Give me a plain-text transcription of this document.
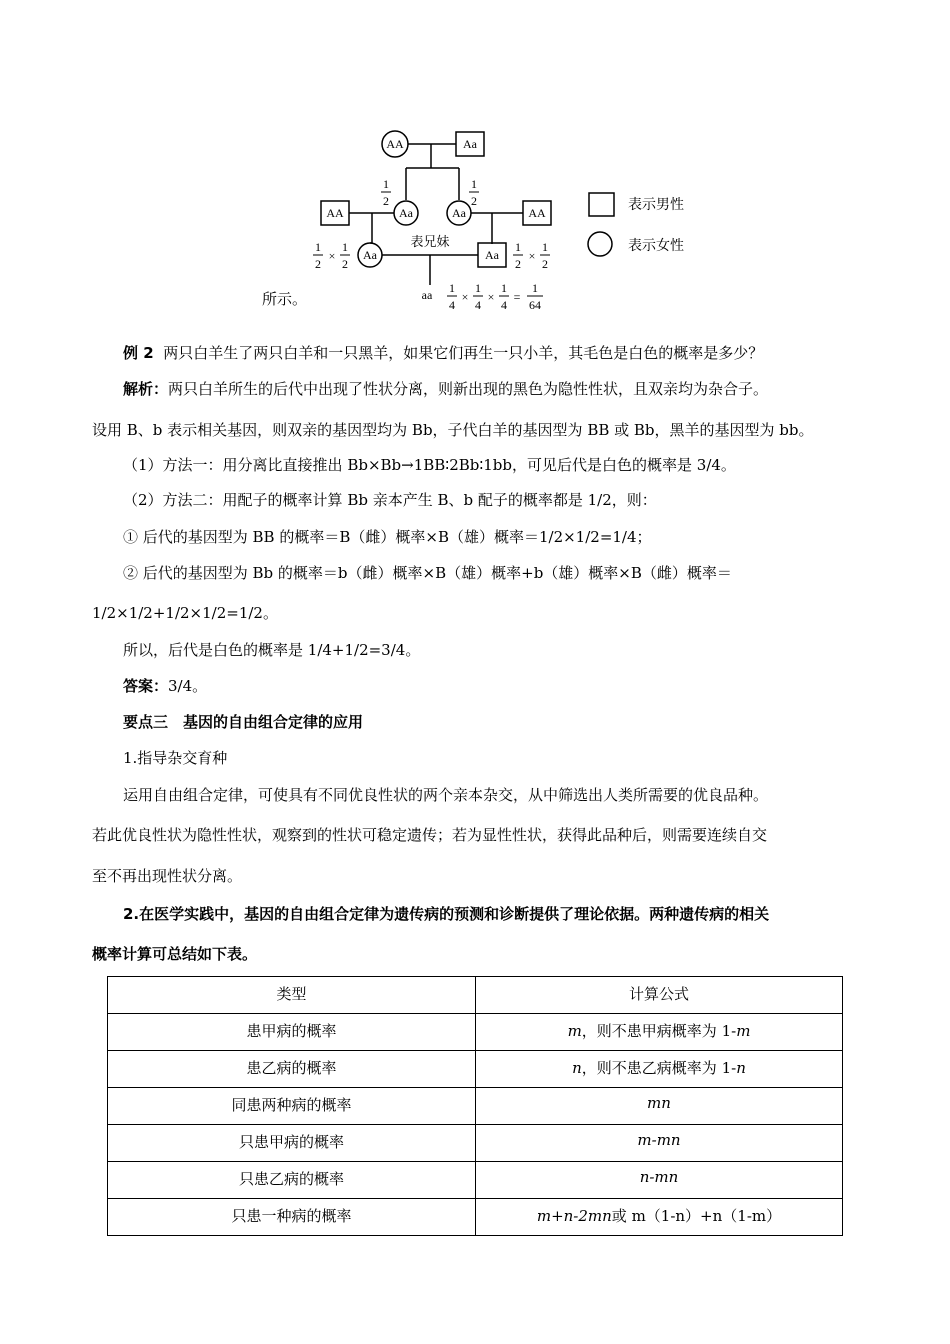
AA	Aa
AA	Aa	Aa	AA
Aa	Aa
1
2
1
2
1
2
×
1
2
1
2
×
1
2
表兄妹
aa 1
4
×
1
4
×
1
4
=
1
64
表示男性
表示女性
所示。
例 2 两只白羊生了两只白羊和一只黑羊，如果它们再生一只小羊，其毛色是白色的概率是多少？
解析：两只白羊所生的后代中出现了性状分离，则新出现的黑色为隐性性状，且双亲均为杂合子。
设用 B、b 表示相关基因，则双亲的基因型均为 Bb，子代白羊的基因型为 BB 或 Bb，黑羊的基因型为 bb。
（1）方法一：用分离比直接推出 Bb×Bb→1BB∶2Bb∶1bb，可见后代是白色的概率是 3/4。
（2）方法二：用配子的概率计算 Bb 亲本产生 B、b 配子的概率都是 1/2，则：
① 后代的基因型为 BB 的概率＝B（雌）概率×B（雄）概率＝1/2×1/2=1/4；
② 后代的基因型为 Bb 的概率＝b（雌）概率×B（雄）概率+b（雄）概率×B（雌）概率＝
1/2×1/2+1/2×1/2=1/2。
所以，后代是白色的概率是 1/4+1/2=3/4。
答案：3/4。
要点三　基因的自由组合定律的应用
1.指导杂交育种
运用自由组合定律，可使具有不同优良性状的两个亲本杂交，从中筛选出人类所需要的优良品种。
若此优良性状为隐性性状，观察到的性状可稳定遗传；若为显性性状，获得此品种后，则需要连续自交
至不再出现性状分离。
2.在医学实践中，基因的自由组合定律为遗传病的预测和诊断提供了理论依据。两种遗传病的相关
概率计算可总结如下表。
类型	计算公式
患甲病的概率	m，则不患甲病概率为 1-m
患乙病的概率	n，则不患乙病概率为 1-n
同患两种病的概率	mn
只患甲病的概率	m-mn
只患乙病的概率	n-mn
只患一种病的概率	m+n-2mn或 m（1-n）+n（1-m）
